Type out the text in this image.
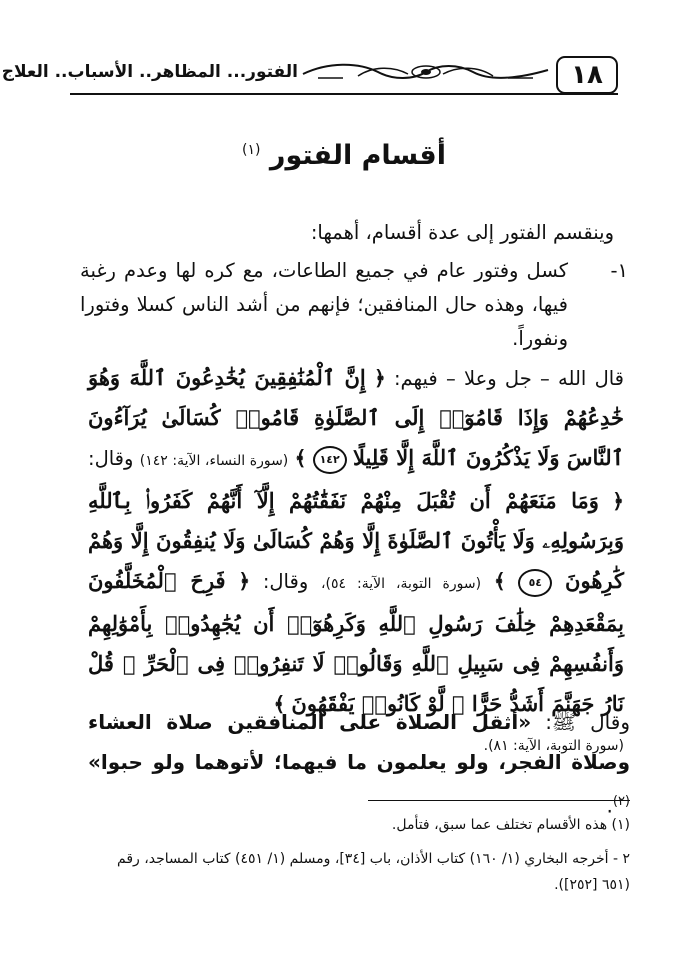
١٨
الفتور... المظاهر.. الأسباب.. العلاج
أقسام الفتور $^{(١)}$

وينقسم الفتور إلى عدة أقسام، أهمها:

١-
كسل وفتور عام في جميع الطاعات، مع كره لها وعدم رغبة فيها، وهذه حال المنافقين؛ فإنهم من أشد الناس كسلا وفتورا ونفوراً.
قال الله – جل وعلا – فيهم: ﴿ إِنَّ ٱلْمُنَٰفِقِينَ يُخَٰدِعُونَ ٱللَّهَ وَهُوَ خَٰدِعُهُمْ وَإِذَا قَامُوٓا۟ إِلَى ٱلصَّلَوٰةِ قَامُوا۟ كُسَالَىٰ يُرَآءُونَ ٱلنَّاسَ وَلَا يَذْكُرُونَ ٱللَّهَ إِلَّا قَلِيلًا ١٤٢ ﴾ (سورة النساء، الآية: ١٤٢) وقال: ﴿ وَمَا مَنَعَهُمْ أَن تُقْبَلَ مِنْهُمْ نَفَقَٰتُهُمْ إِلَّآ أَنَّهُمْ كَفَرُوا۟ بِٱللَّهِ وَبِرَسُولِهِۦ وَلَا يَأْتُونَ ٱلصَّلَوٰةَ إِلَّا وَهُمْ كُسَالَىٰ وَلَا يُنفِقُونَ إِلَّا وَهُمْ كَٰرِهُونَ ٥٤ ﴾ (سورة التوبة، الآية: ٥٤)، وقال: ﴿ فَرِحَ ٱلْمُخَلَّفُونَ بِمَقْعَدِهِمْ خِلَٰفَ رَسُولِ ٱللَّهِ وَكَرِهُوٓا۟ أَن يُجَٰهِدُوا۟ بِأَمْوَٰلِهِمْ وَأَنفُسِهِمْ فِى سَبِيلِ ٱللَّهِ وَقَالُوا۟ لَا تَنفِرُوا۟ فِى ٱلْحَرِّ ۗ قُلْ نَارُ جَهَنَّمَ أَشَدُّ حَرًّا ۚ لَّوْ كَانُوا۟ يَفْقَهُونَ ﴾
(سورة التوبة، الآية: ٨١).
وقال ﷺ: «أثقل الصلاة على المنافقين صلاة العشاء وصلاة الفجر، ولو يعلمون ما فيهما؛ لأتوهما ولو حبوا» $^{(٢)}$.

(١) هذه الأقسام تختلف عما سبق، فتأمل.

٢ - أخرجه البخاري (١/ ١٦٠) كتاب الأذان، باب [٣٤]، ومسلم (١/ ٤٥١) كتاب المساجد، رقم (٦٥١ [٢٥٢]).
